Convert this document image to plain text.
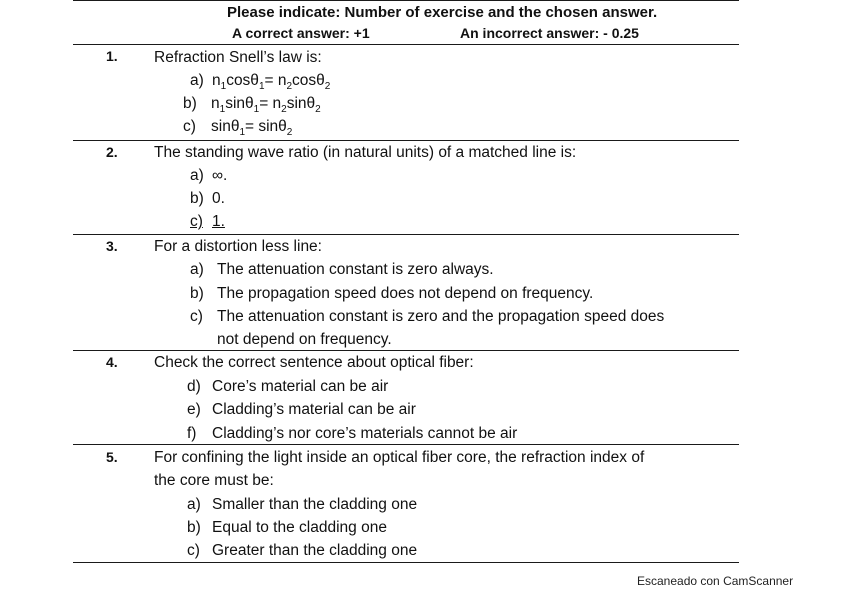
Please indicate: Number of exercise and the chosen answer.
A correct answer: +1	An incorrect answer: - 0.25
1. Refraction Snell’s law is:
a) $n_1\cos\theta_1= n_2\cos\theta_2$
b) $n_1\sin\theta_1= n_2\sin\theta_2$
c) sinθ$_1$= sinθ$_2$
2. The standing wave ratio (in natural units) of a matched line is:
a) ∞.
b) 0.
c) 1.
3. For a distortion less line:
a) The attenuation constant is zero always.
b) The propagation speed does not depend on frequency.
c) The attenuation constant is zero and the propagation speed does
not depend on frequency.
4. Check the correct sentence about optical fiber:
d) Core’s material can be air
e) Cladding’s material can be air
f) Cladding’s nor core’s materials cannot be air
5. For confining the light inside an optical fiber core, the refraction index of
the core must be:
a) Smaller than the cladding one
b) Equal to the cladding one
c) Greater than the cladding one
Escaneado con CamScanner
